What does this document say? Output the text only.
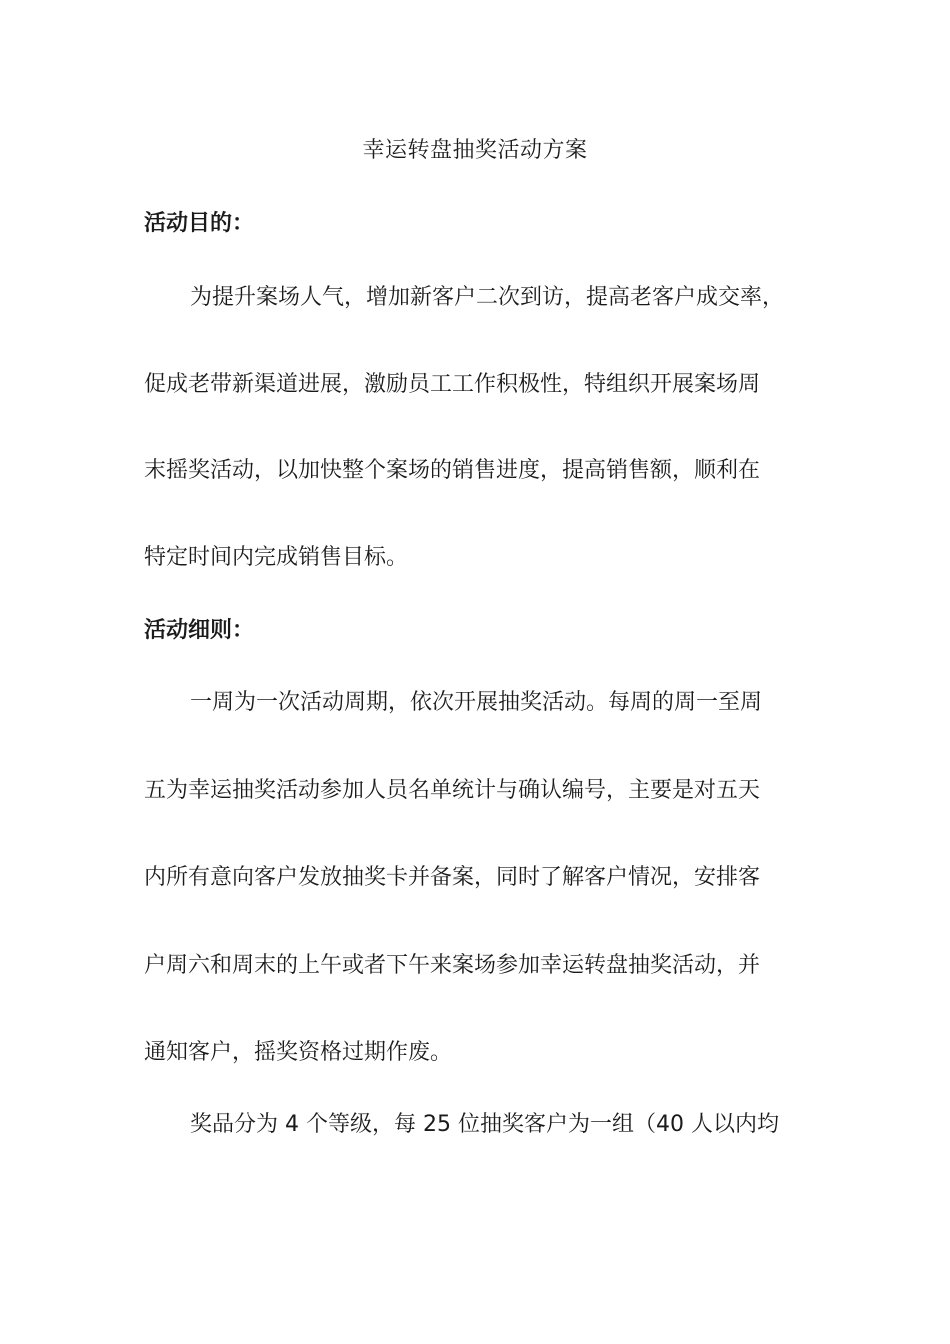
幸运转盘抽奖活动方案
活动目的：
为提升案场人气，增加新客户二次到访，提高老客户成交率，
促成老带新渠道进展，激励员工工作积极性，特组织开展案场周
末摇奖活动，以加快整个案场的销售进度，提高销售额，顺利在
特定时间内完成销售目标。
活动细则：
一周为一次活动周期，依次开展抽奖活动。每周的周一至周
五为幸运抽奖活动参加人员名单统计与确认编号，主要是对五天
内所有意向客户发放抽奖卡并备案，同时了解客户情况，安排客
户周六和周末的上午或者下午来案场参加幸运转盘抽奖活动，并
通知客户，摇奖资格过期作废。
奖品分为 4 个等级，每 25 位抽奖客户为一组（40 人以内均
